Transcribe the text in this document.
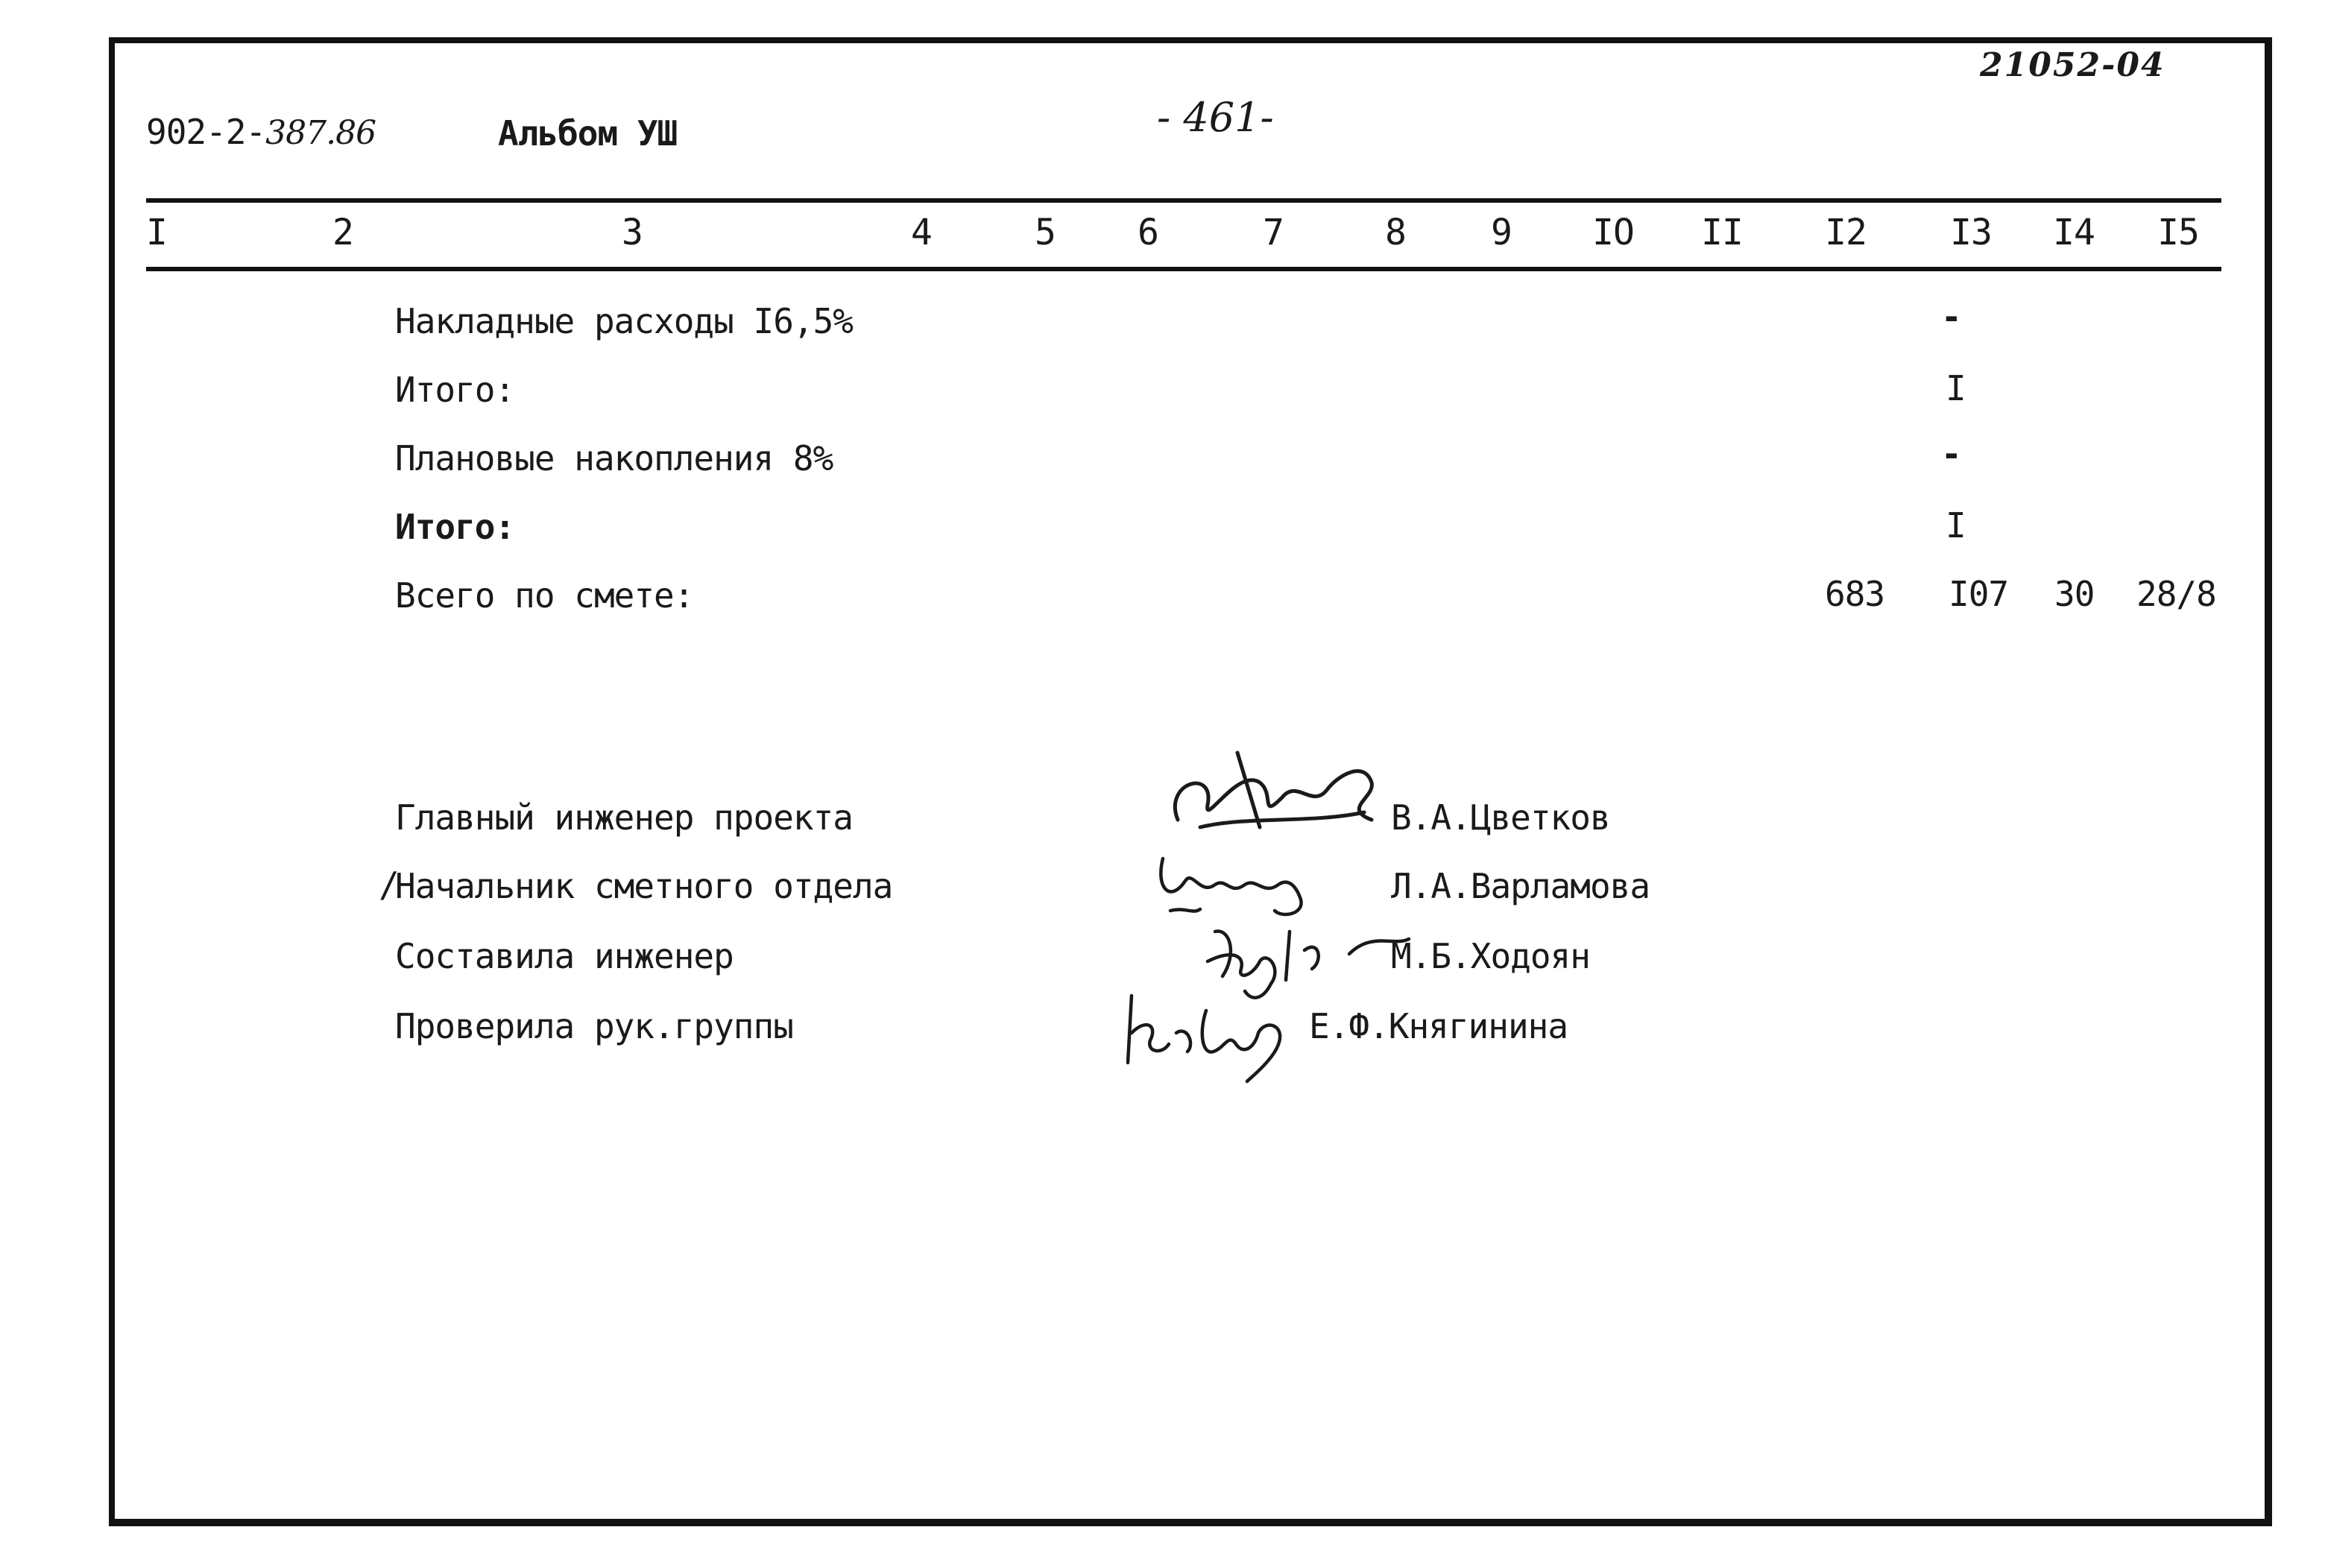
902-2-387.86	Альбом УШ	- 461-
21052-04
I	2	3	4	5	6	7	8	9	IO	II	I2	I3	I4	I5
Накладные расходы I6,5%	-
Итого:	I
Плановые накопления 8%	-
Итого:	I
Всего по смете:	683 I07 30 28/8
Главный инженер проекта	В.А.Цветков
/
Начальник сметного отдела	Л.А.Варламова
Составила инженер	М.Б.Ходоян
Проверила рук.группы	Е.Ф.Княгинина
